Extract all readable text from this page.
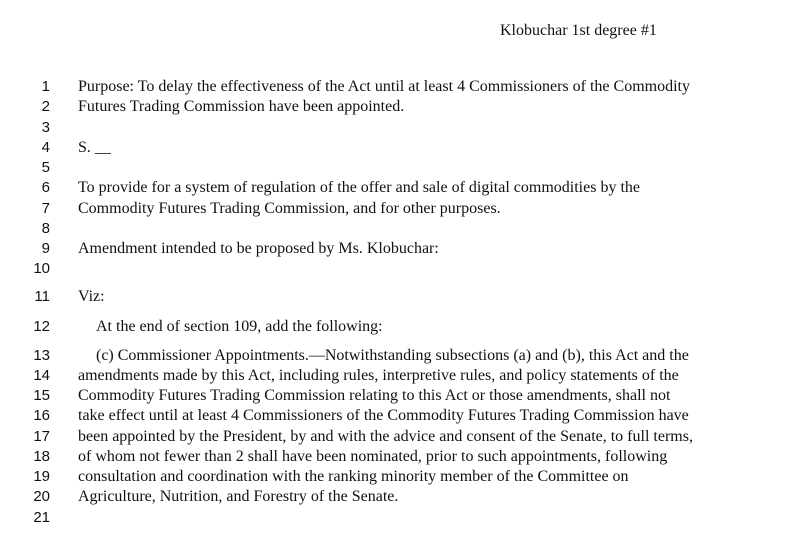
Klobuchar 1st degree #1
1 Purpose: To delay the effectiveness of the Act until at least 4 Commissioners of the Commodity
2 Futures Trading Commission have been appointed.
3
4 S. __
5
6 To provide for a system of regulation of the offer and sale of digital commodities by the
7 Commodity Futures Trading Commission, and for other purposes.
8
9 Amendment intended to be proposed by Ms. Klobuchar:
10
11 Viz:
12	At the end of section 109, add the following:
13	(c) Commissioner Appointments.—Notwithstanding subsections (a) and (b), this Act and the
14 amendments made by this Act, including rules, interpretive rules, and policy statements of the
15 Commodity Futures Trading Commission relating to this Act or those amendments, shall not
16 take effect until at least 4 Commissioners of the Commodity Futures Trading Commission have
17 been appointed by the President, by and with the advice and consent of the Senate, to full terms,
18 of whom not fewer than 2 shall have been nominated, prior to such appointments, following
19 consultation and coordination with the ranking minority member of the Committee on
20 Agriculture, Nutrition, and Forestry of the Senate.
21
